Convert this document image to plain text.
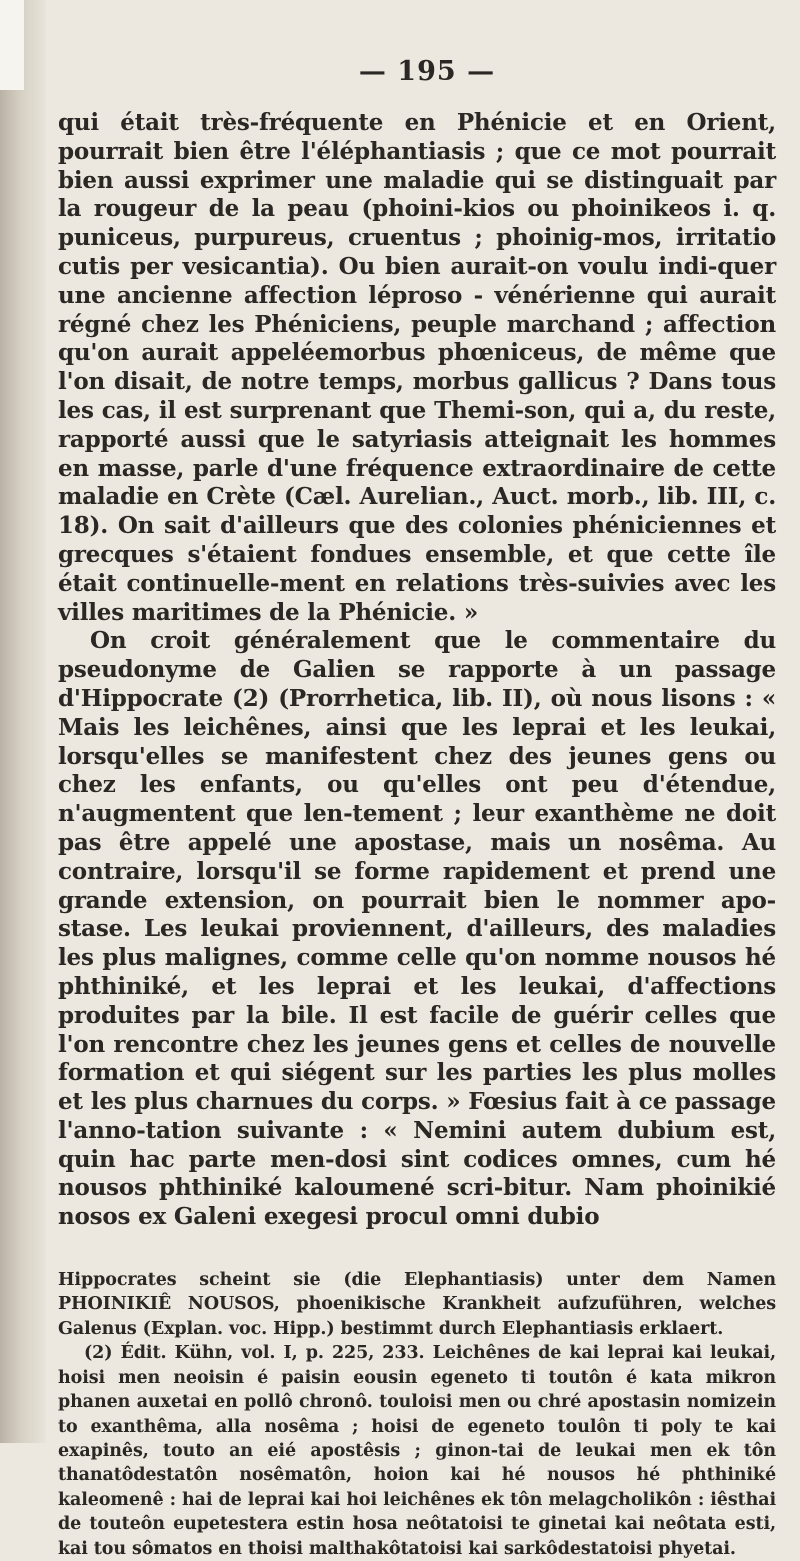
— 195 —

qui était très-fréquente en Phénicie et en Orient, pourrait bien être l'éléphantiasis ; que ce mot pourrait bien aussi exprimer une maladie qui se distinguait par la rougeur de la peau (phoini-kios ou phoinikeos i. q. puniceus, purpureus, cruentus ; phoinig-mos, irritatio cutis per vesicantia). Ou bien aurait-on voulu indi-quer une ancienne affection léproso - vénérienne qui aurait régné chez les Phéniciens, peuple marchand ; affection qu'on aurait appeléemorbus phœniceus, de même que l'on disait, de notre temps, morbus gallicus ? Dans tous les cas, il est surprenant que Themi-son, qui a, du reste, rapporté aussi que le satyriasis atteignait les hommes en masse, parle d'une fréquence extraordinaire de cette maladie en Crète (Cæl. Aurelian., Auct. morb., lib. III, c. 18). On sait d'ailleurs que des colonies phéniciennes et grecques s'étaient fondues ensemble, et que cette île était continuelle-ment en relations très-suivies avec les villes maritimes de la Phénicie. »

On croit généralement que le commentaire du pseudonyme de Galien se rapporte à un passage d'Hippocrate (2) (Prorrhetica, lib. II), où nous lisons : « Mais les leichênes, ainsi que les leprai et les leukai, lorsqu'elles se manifestent chez des jeunes gens ou chez les enfants, ou qu'elles ont peu d'étendue, n'augmentent que len-tement ; leur exanthème ne doit pas être appelé une apostase, mais un nosêma. Au contraire, lorsqu'il se forme rapidement et prend une grande extension, on pourrait bien le nommer apo-stase. Les leukai proviennent, d'ailleurs, des maladies les plus malignes, comme celle qu'on nomme nousos hé phthiniké, et les leprai et les leukai, d'affections produites par la bile. Il est facile de guérir celles que l'on rencontre chez les jeunes gens et celles de nouvelle formation et qui siégent sur les parties les plus molles et les plus charnues du corps. » Fœsius fait à ce passage l'anno-tation suivante : « Nemini autem dubium est, quin hac parte men-dosi sint codices omnes, cum hé nousos phthiniké kaloumené scri-bitur. Nam phoinikié nosos ex Galeni exegesi procul omni dubio

Hippocrates scheint sie (die Elephantiasis) unter dem Namen PHOINIKIÊ NOUSOS, phoenikische Krankheit aufzuführen, welches Galenus (Explan. voc. Hipp.) bestimmt durch Elephantiasis erklaert.

(2) Édit. Kühn, vol. I, p. 225, 233. Leichênes de kai leprai kai leukai, hoisi men neoisin é paisin eousin egeneto ti toutôn é kata mikron phanen auxetai en pollô chronô. touloisi men ou chré apostasin nomizein to exanthêma, alla nosêma ; hoisi de egeneto toulôn ti poly te kai exapinês, touto an eié apostêsis ; ginon-tai de leukai men ek tôn thanatôdestatôn nosêmatôn, hoion kai hé nousos hé phthiniké kaleomenê : hai de leprai kai hoi leichênes ek tôn melagcholikôn : iêsthai de touteôn eupetestera estin hosa neôtatoisi te ginetai kai neôtata esti, kai tou sômatos en thoisi malthakôtatoisi kai sarkôdestatoisi phyetai.
